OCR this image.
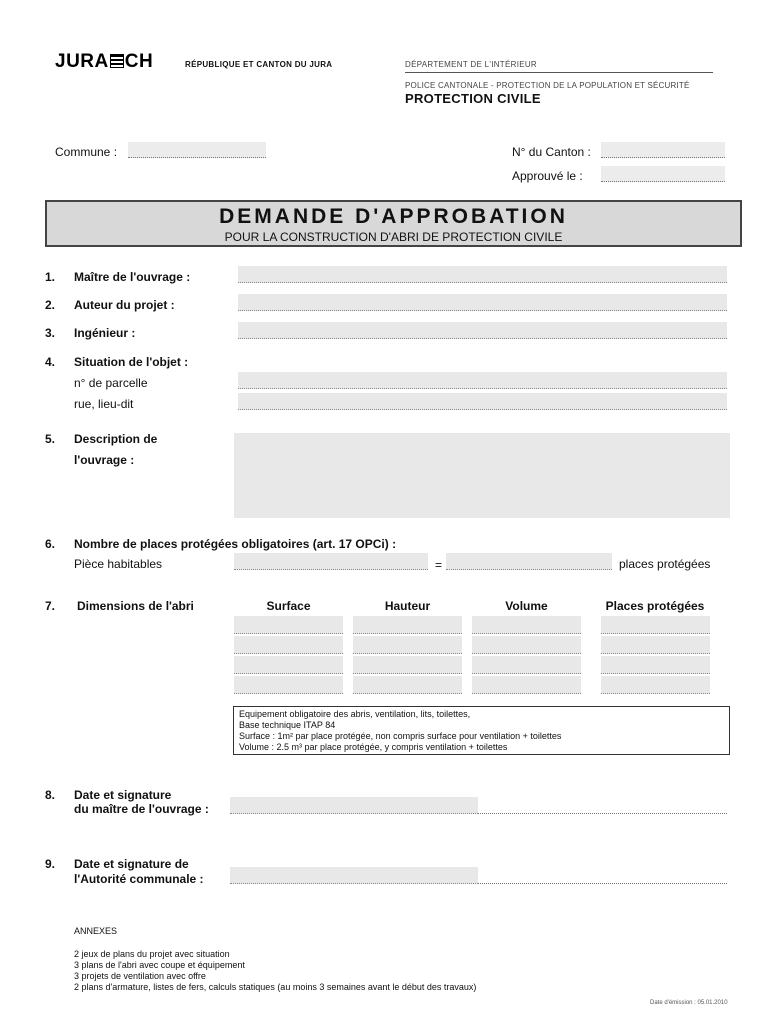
JURA CH	RÉPUBLIQUE ET CANTON DU JURA	DÉPARTEMENT DE L'INTÉRIEUR
POLICE CANTONALE - PROTECTION DE LA POPULATION ET SÉCURITÉ
PROTECTION CIVILE
Commune :	N° du Canton :
Approuvé le :
DEMANDE D'APPROBATION
POUR LA CONSTRUCTION D'ABRI DE PROTECTION CIVILE
1. Maître de l'ouvrage :
2. Auteur du projet :
3. Ingénieur :
4. Situation de l'objet :
n° de parcelle
rue, lieu-dit
5. Description de
l'ouvrage :
6. Nombre de places protégées obligatoires (art. 17 OPCi) :
Pièce habitables	=	places protégées
7. Dimensions de l'abri	Surface	Hauteur	Volume	Places protégées
Equipement obligatoire des abris, ventilation, lits, toilettes,
Base technique ITAP 84
Surface : 1m² par place protégée, non compris surface pour ventilation + toilettes
Volume : 2.5 m³ par place protégée, y compris ventilation + toilettes
8. Date et signature
du maître de l'ouvrage :
9. Date et signature de
l'Autorité communale :
ANNEXES
2 jeux de plans du projet avec situation
3 plans de l'abri avec coupe et équipement
3 projets de ventilation avec offre
2 plans d'armature, listes de fers, calculs statiques (au moins 3 semaines avant le début des travaux)
Date d'émission : 05.01.2010
